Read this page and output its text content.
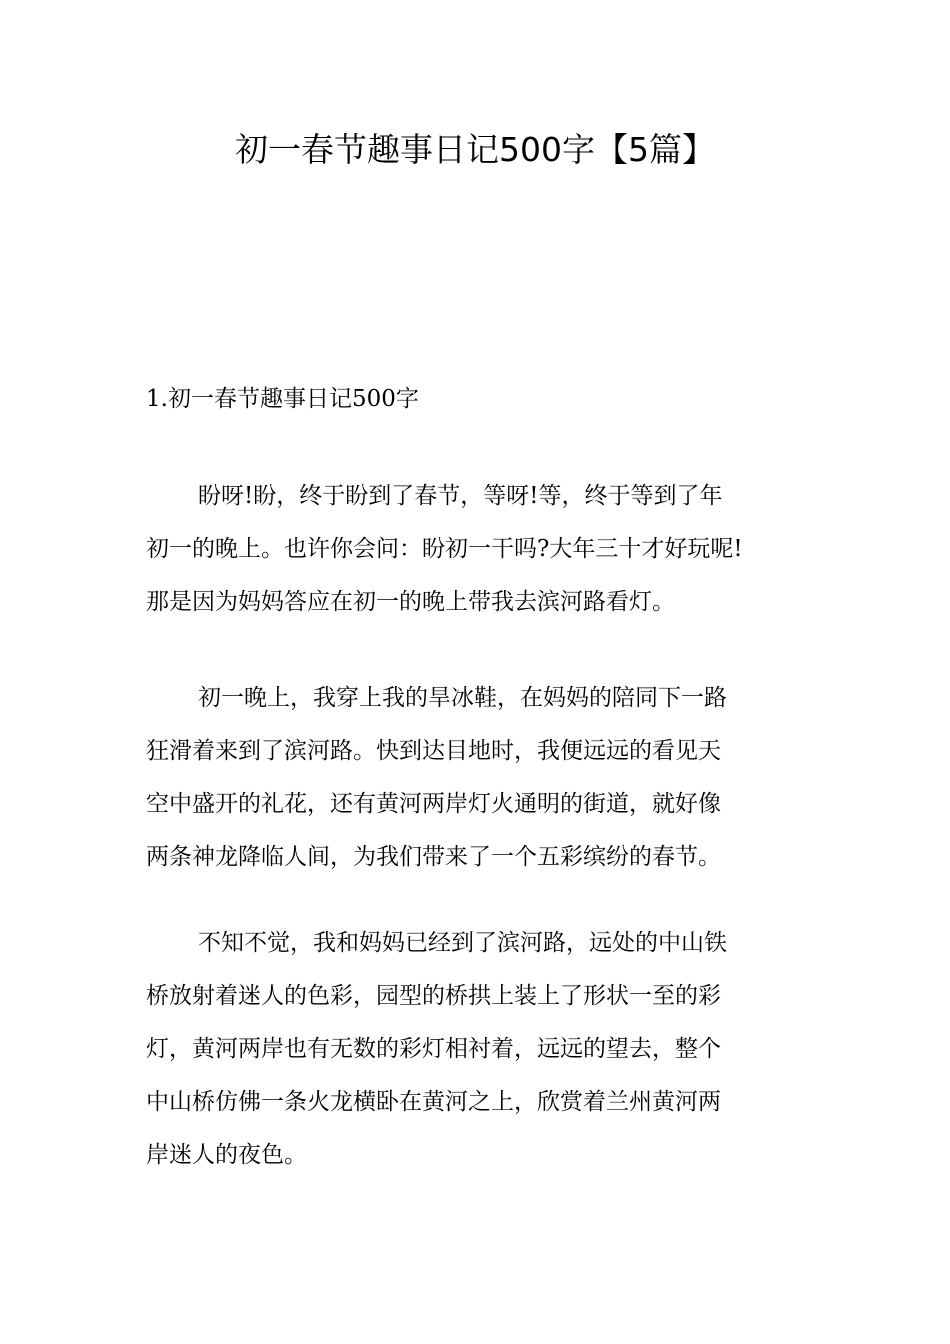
初一春节趣事日记500字【5篇】

1.初一春节趣事日记500字

盼呀!盼，终于盼到了春节，等呀!等，终于等到了年
初一的晚上。也许你会问：盼初一干吗?大年三十才好玩呢!
那是因为妈妈答应在初一的晚上带我去滨河路看灯。
初一晚上，我穿上我的旱冰鞋，在妈妈的陪同下一路
狂滑着来到了滨河路。快到达目地时，我便远远的看见天
空中盛开的礼花，还有黄河两岸灯火通明的街道，就好像
两条神龙降临人间，为我们带来了一个五彩缤纷的春节。
不知不觉，我和妈妈已经到了滨河路，远处的中山铁
桥放射着迷人的色彩，园型的桥拱上装上了形状一至的彩
灯，黄河两岸也有无数的彩灯相衬着，远远的望去，整个
中山桥仿佛一条火龙横卧在黄河之上，欣赏着兰州黄河两
岸迷人的夜色。
